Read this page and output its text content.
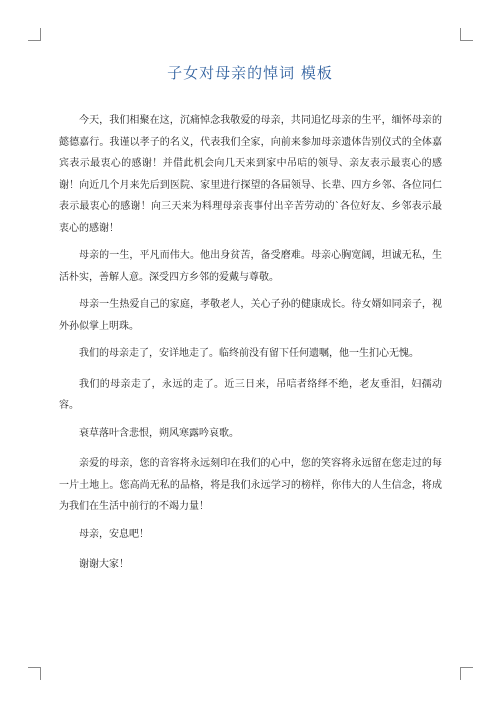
子女对母亲的悼词 模板

今天，我们相聚在这，沉痛悼念我敬爱的母亲，共同追忆母亲的生平，缅怀母亲的懿德嘉行。我谨以孝子的名义，代表我们全家，向前来参加母亲遗体告别仪式的全体嘉宾表示最衷心的感谢！并借此机会向几天来到家中吊唁的领导、亲友表示最衷心的感谢！向近几个月来先后到医院、家里进行探望的各届领导、长辈、四方乡邻、各位同仁表示最衷心的感谢！向三天来为料理母亲丧事付出辛苦劳动的`各位好友、乡邻表示最衷心的感谢！

母亲的一生，平凡而伟大。他出身贫苦，备受磨难。母亲心胸宽阔，坦诚无私，生活朴实，善解人意。深受四方乡邻的爱戴与尊敬。

母亲一生热爱自己的家庭，孝敬老人，关心子孙的健康成长。待女婿如同亲子，视外孙似掌上明珠。

我们的母亲走了，安详地走了。临终前没有留下任何遗嘱，他一生扪心无愧。

我们的母亲走了，永远的走了。近三日来，吊唁者络绎不绝，老友垂泪，妇孺动容。

衰草落叶含悲恨，朔风寒露吟哀歌。

亲爱的母亲，您的音容将永远刻印在我们的心中，您的笑容将永远留在您走过的每一片土地上。您高尚无私的品格，将是我们永远学习的榜样，你伟大的人生信念，将成为我们在生活中前行的不竭力量！

母亲，安息吧！

谢谢大家！
